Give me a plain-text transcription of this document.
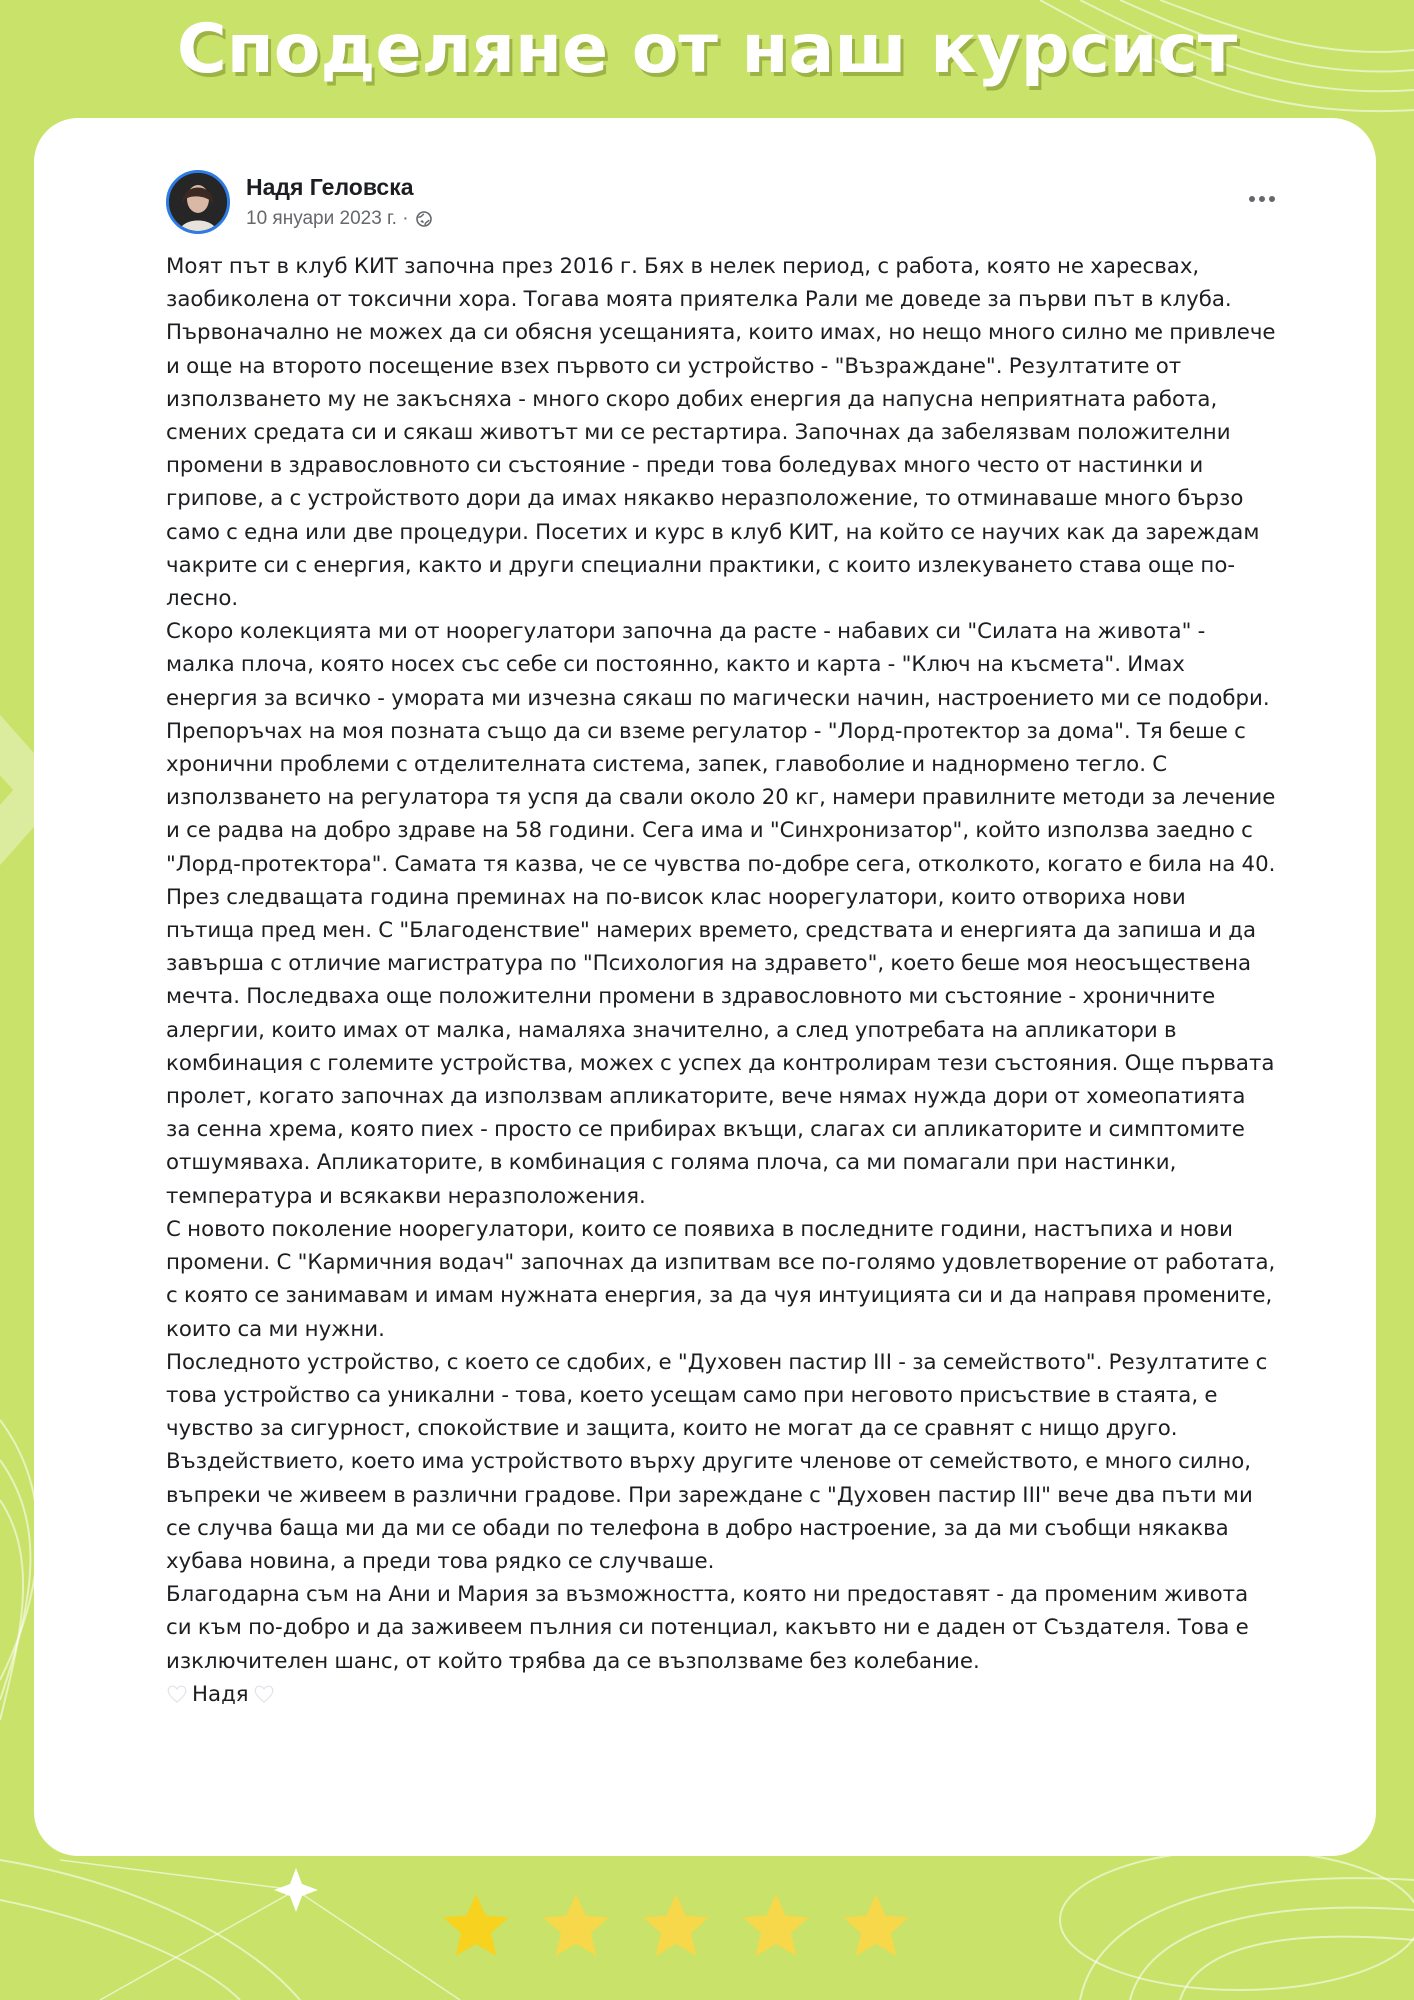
Споделяне от наш курсист
Надя Геловска
10 януари 2023 г. ·

Моят път в клуб КИТ започна през 2016 г. Бях в нелек период, с работа, която не харесвах, заобиколена от токсични хора. Тогава моята приятелка Рали ме доведе за първи път в клуба. Първоначално не можех да си обясня усещанията, които имах, но нещо много силно ме привлече и още на второто посещение взех първото си устройство - "Възраждане". Резултатите от използването му не закъсняха - много скоро добих енергия да напусна неприятната работа, смених средата си и сякаш животът ми се рестартира. Започнах да забелязвам положителни промени в здравословното си състояние - преди това боледувах много често от настинки и грипове, а с устройството дори да имах някакво неразположение, то отминаваше много бързо само с една или две процедури. Посетих и курс в клуб КИТ, на който се научих как да зареждам чакрите си с енергия, както и други специални практики, с които излекуването става още по-лесно.

Скоро колекцията ми от ноорегулатори започна да расте - набавих си "Силата на живота" - малка плоча, която носех със себе си постоянно, както и карта - "Ключ на късмета". Имах енергия за всичко - умората ми изчезна сякаш по магически начин, настроението ми се подобри.

Препоръчах на моя позната също да си вземе регулатор - "Лорд-протектор за дома". Тя беше с хронични проблеми с отделителната система, запек, главоболие и наднормено тегло. С използването на регулатора тя успя да свали около 20 кг, намери правилните методи за лечение и се радва на добро здраве на 58 години. Сега има и "Синхронизатор", който използва заедно с "Лорд-протектора". Самата тя казва, че се чувства по-добре сега, отколкото, когато е била на 40.

През следващата година преминах на по-висок клас ноорегулатори, които отвориха нови пътища пред мен. С "Благоденствие" намерих времето, средствата и енергията да запиша и да завърша с отличие магистратура по "Психология на здравето", което беше моя неосъществена мечта. Последваха още положителни промени в здравословното ми състояние - хроничните алергии, които имах от малка, намаляха значително, а след употребата на апликатори в комбинация с големите устройства, можех с успех да контролирам тези състояния. Още първата пролет, когато започнах да използвам апликаторите, вече нямах нужда дори от хомеопатията за сенна хрема, която пиех - просто се прибирах вкъщи, слагах си апликаторите и симптомите отшумяваха. Апликаторите, в комбинация с голяма плоча, са ми помагали при настинки, температура и всякакви неразположения.

С новото поколение ноорегулатори, които се появиха в последните години, настъпиха и нови промени. С "Кармичния водач" започнах да изпитвам все по-голямо удовлетворение от работата, с която се занимавам и имам нужната енергия, за да чуя интуицията си и да направя промените, които са ми нужни.

Последното устройство, с което се сдобих, е "Духовен пастир III - за семейството". Резултатите с това устройство са уникални - това, което усещам само при неговото присъствие в стаята, е чувство за сигурност, спокойствие и защита, които не могат да се сравнят с нищо друго. Въздействието, което има устройството върху другите членове от семейството, е много силно, въпреки че живеем в различни градове. При зареждане с "Духовен пастир III" вече два пъти ми се случва баща ми да ми се обади по телефона в добро настроение, за да ми съобщи някаква хубава новина, а преди това рядко се случваше.

Благодарна съм на Ани и Мария за възможността, която ни предоставят - да променим живота си към по-добро и да заживеем пълния си потенциал, какъвто ни е даден от Създателя. Това е изключителен шанс, от който трябва да се възползваме без колебание.

Надя
